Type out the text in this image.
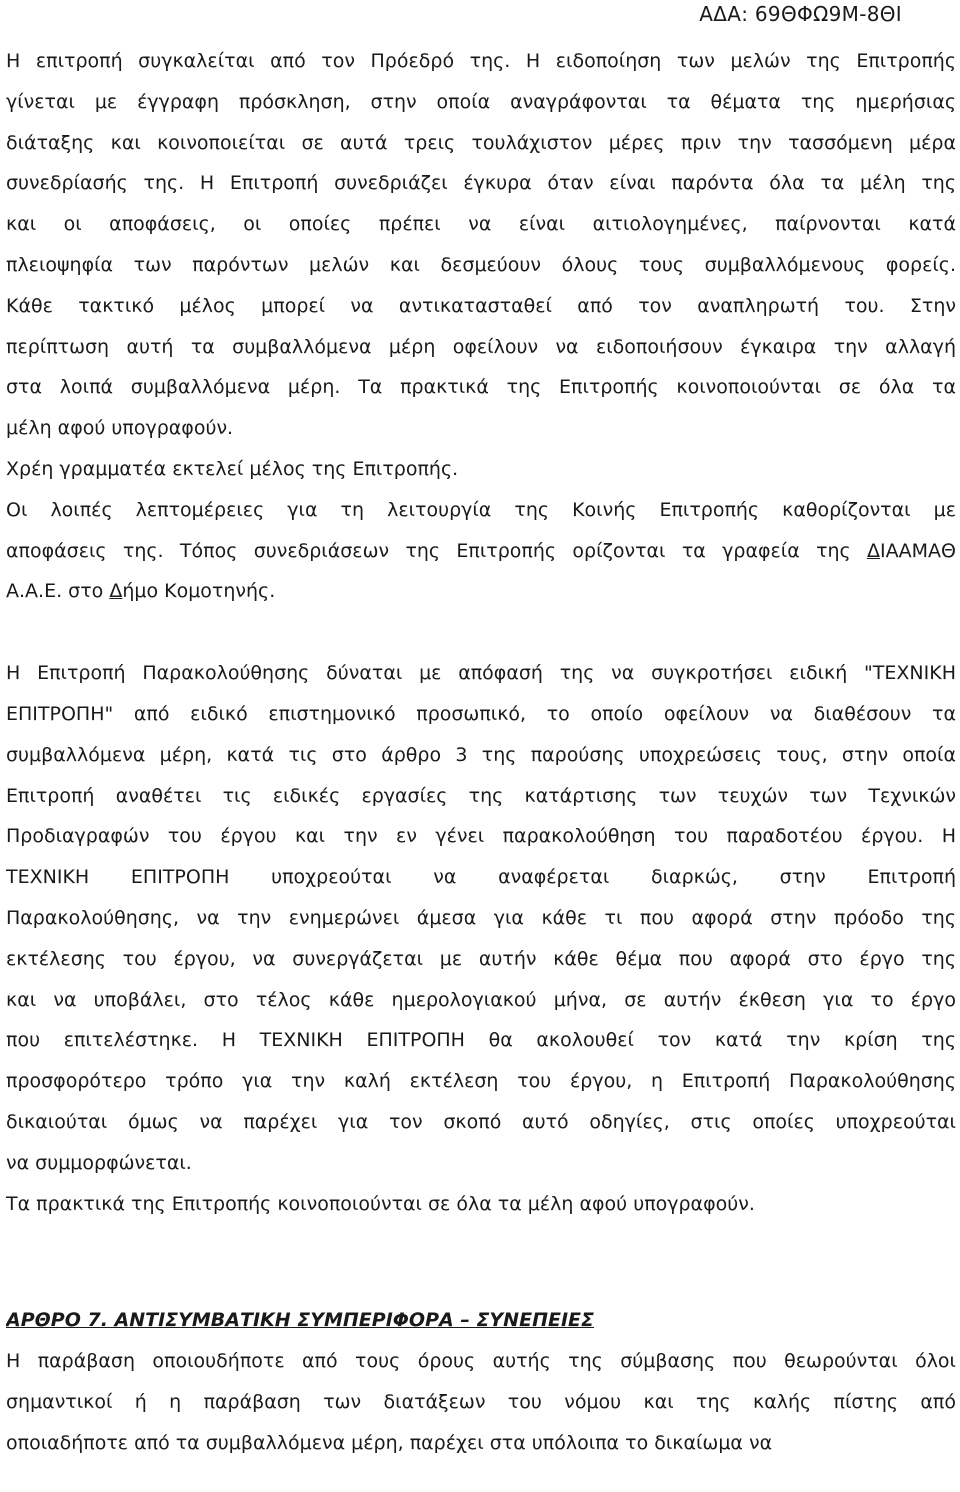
ΑΔΑ: 69ΘΦΩ9Μ-8ΘΙ
Η επιτροπή συγκαλείται από τον Πρόεδρό της. Η ειδοποίηση των μελών της Επιτροπής
γίνεται με έγγραφη πρόσκληση, στην οποία αναγράφονται τα θέματα της ημερήσιας
διάταξης και κοινοποιείται σε αυτά τρεις τουλάχιστον μέρες πριν την τασσόμενη μέρα
συνεδρίασής της. Η Επιτροπή συνεδριάζει έγκυρα όταν είναι παρόντα όλα τα μέλη της
και οι αποφάσεις, οι οποίες πρέπει να είναι αιτιολογημένες, παίρνονται κατά
πλειοψηφία των παρόντων μελών και δεσμεύουν όλους τους συμβαλλόμενους φορείς.
Κάθε τακτικό μέλος μπορεί να αντικατασταθεί από τον αναπληρωτή του. Στην
περίπτωση αυτή τα συμβαλλόμενα μέρη οφείλουν να ειδοποιήσουν έγκαιρα την αλλαγή
στα λοιπά συμβαλλόμενα μέρη. Τα πρακτικά της Επιτροπής κοινοποιούνται σε όλα τα
μέλη αφού υπογραφούν.
Χρέη γραμματέα εκτελεί μέλος της Επιτροπής.
Οι λοιπές λεπτομέρειες για τη λειτουργία της Κοινής Επιτροπής καθορίζονται με
αποφάσεις της. Τόπος συνεδριάσεων της Επιτροπής ορίζονται τα γραφεία της ΔΙΑΑΜΑΘ
Α.Α.Ε. στο Δήμο Κομοτηνής.
Η Επιτροπή Παρακολούθησης δύναται με απόφασή της να συγκροτήσει ειδική "ΤΕΧΝΙΚΗ
ΕΠΙΤΡΟΠΗ" από ειδικό επιστημονικό προσωπικό, το οποίο οφείλουν να διαθέσουν τα
συμβαλλόμενα μέρη, κατά τις στο άρθρο 3 της παρούσης υποχρεώσεις τους, στην οποία
Επιτροπή αναθέτει τις ειδικές εργασίες της κατάρτισης των τευχών των Τεχνικών
Προδιαγραφών του έργου και την εν γένει παρακολούθηση του παραδοτέου έργου. Η
ΤΕΧΝΙΚΗ ΕΠΙΤΡΟΠΗ υποχρεούται να αναφέρεται διαρκώς, στην Επιτροπή
Παρακολούθησης, να την ενημερώνει άμεσα για κάθε τι που αφορά στην πρόοδο της
εκτέλεσης του έργου, να συνεργάζεται με αυτήν κάθε θέμα που αφορά στο έργο της
και να υποβάλει, στο τέλος κάθε ημερολογιακού μήνα, σε αυτήν έκθεση για το έργο
που επιτελέστηκε. Η ΤΕΧΝΙΚΗ ΕΠΙΤΡΟΠΗ θα ακολουθεί τον κατά την κρίση της
προσφορότερο τρόπο για την καλή εκτέλεση του έργου, η Επιτροπή Παρακολούθησης
δικαιούται όμως να παρέχει για τον σκοπό αυτό οδηγίες, στις οποίες υποχρεούται
να συμμορφώνεται.
Τα πρακτικά της Επιτροπής κοινοποιούνται σε όλα τα μέλη αφού υπογραφούν.
ΑΡΘΡΟ 7. ΑΝΤΙΣΥΜΒΑΤΙΚΗ ΣΥΜΠΕΡΙΦΟΡΑ – ΣΥΝΕΠΕΙΕΣ
Η παράβαση οποιουδήποτε από τους όρους αυτής της σύμβασης που θεωρούνται όλοι
σημαντικοί ή η παράβαση των διατάξεων του νόμου και της καλής πίστης από
οποιαδήποτε από τα συμβαλλόμενα μέρη, παρέχει στα υπόλοιπα το δικαίωμα να
